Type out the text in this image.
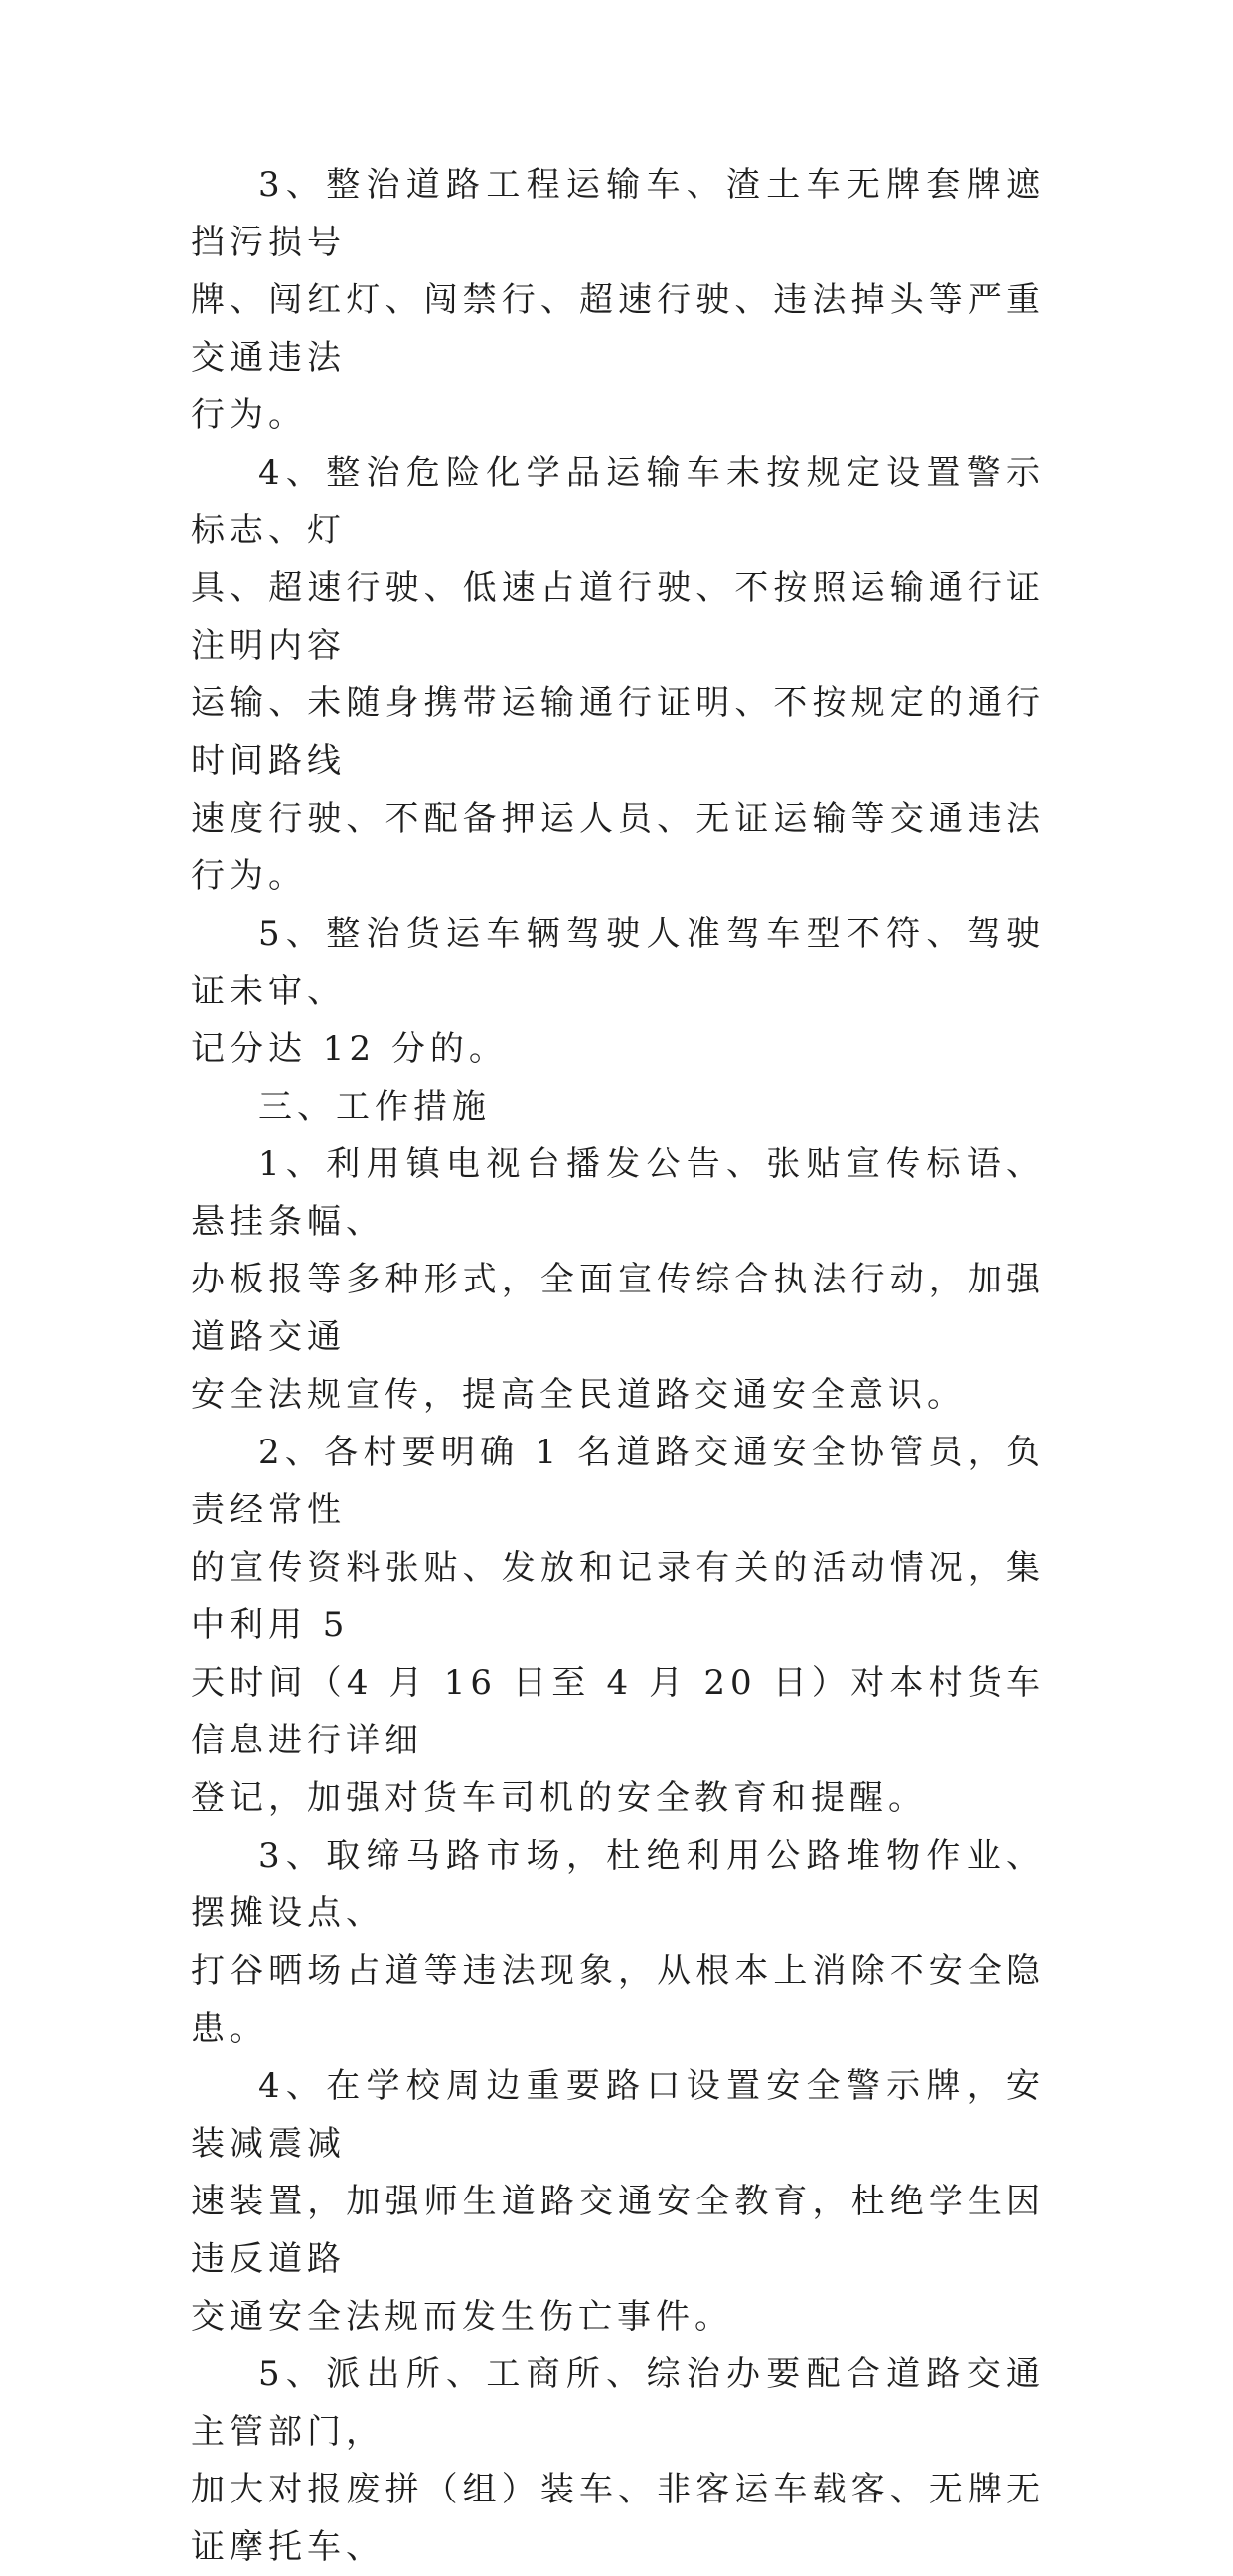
3、整治道路工程运输车、渣土车无牌套牌遮挡污损号
牌、闯红灯、闯禁行、超速行驶、违法掉头等严重交通违法
行为。

4、整治危险化学品运输车未按规定设置警示标志、灯
具、超速行驶、低速占道行驶、不按照运输通行证注明内容
运输、未随身携带运输通行证明、不按规定的通行时间路线
速度行驶、不配备押运人员、无证运输等交通违法行为。

5、整治货运车辆驾驶人准驾车型不符、驾驶证未审、
记分达 12 分的。

三、工作措施

1、利用镇电视台播发公告、张贴宣传标语、悬挂条幅、
办板报等多种形式，全面宣传综合执法行动，加强道路交通
安全法规宣传，提高全民道路交通安全意识。

2、各村要明确 1 名道路交通安全协管员，负责经常性
的宣传资料张贴、发放和记录有关的活动情况，集中利用 5
天时间（4 月 16 日至 4 月 20 日）对本村货车信息进行详细
登记，加强对货车司机的安全教育和提醒。

3、取缔马路市场，杜绝利用公路堆物作业、摆摊设点、
打谷晒场占道等违法现象，从根本上消除不安全隐患。

4、在学校周边重要路口设置安全警示牌，安装减震减
速装置，加强师生道路交通安全教育，杜绝学生因违反道路
交通安全法规而发生伤亡事件。

5、派出所、工商所、综治办要配合道路交通主管部门，
加大对报废拼（组）装车、非客运车载客、无牌无证摩托车、
